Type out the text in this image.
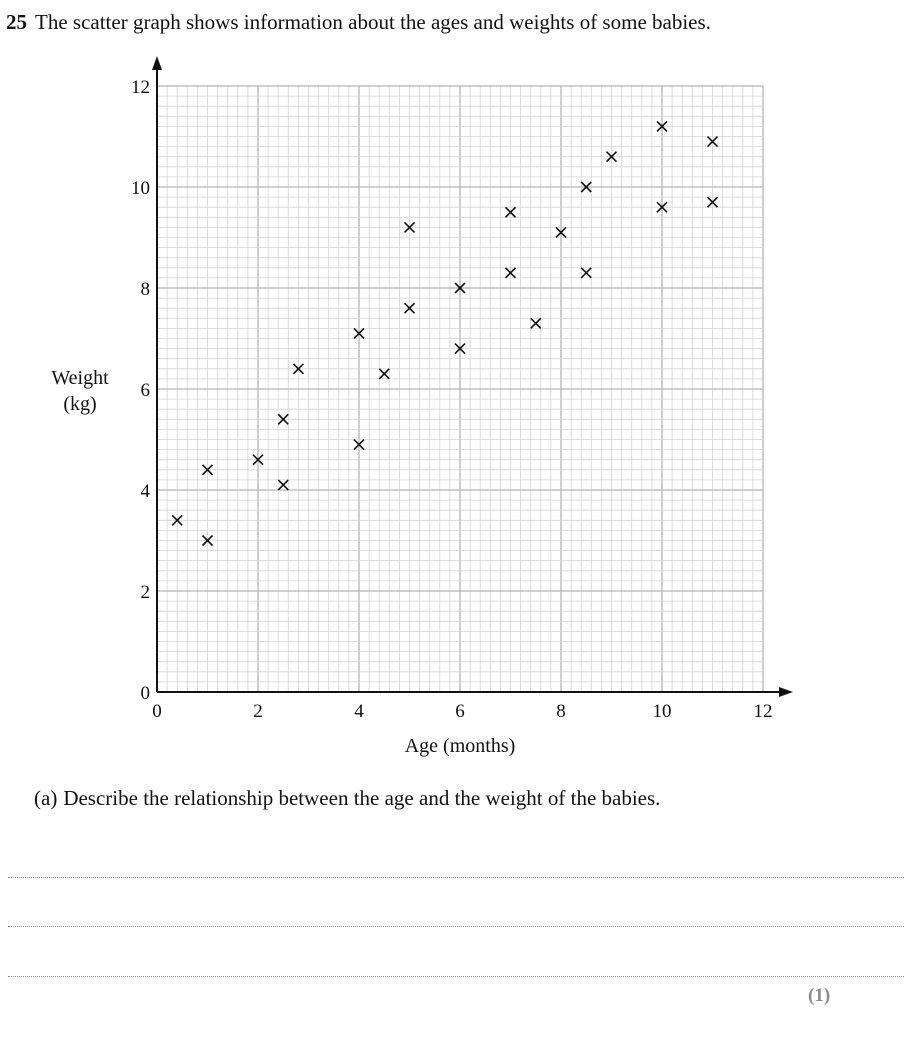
25 The scatter graph shows information about the ages and weights of some babies.
0	2	4	6	8	10	12
0
2
4
6
8
10
12
Age (months)
Weight
(kg)
(a) Describe the relationship between the age and the weight of the babies.
(1)
